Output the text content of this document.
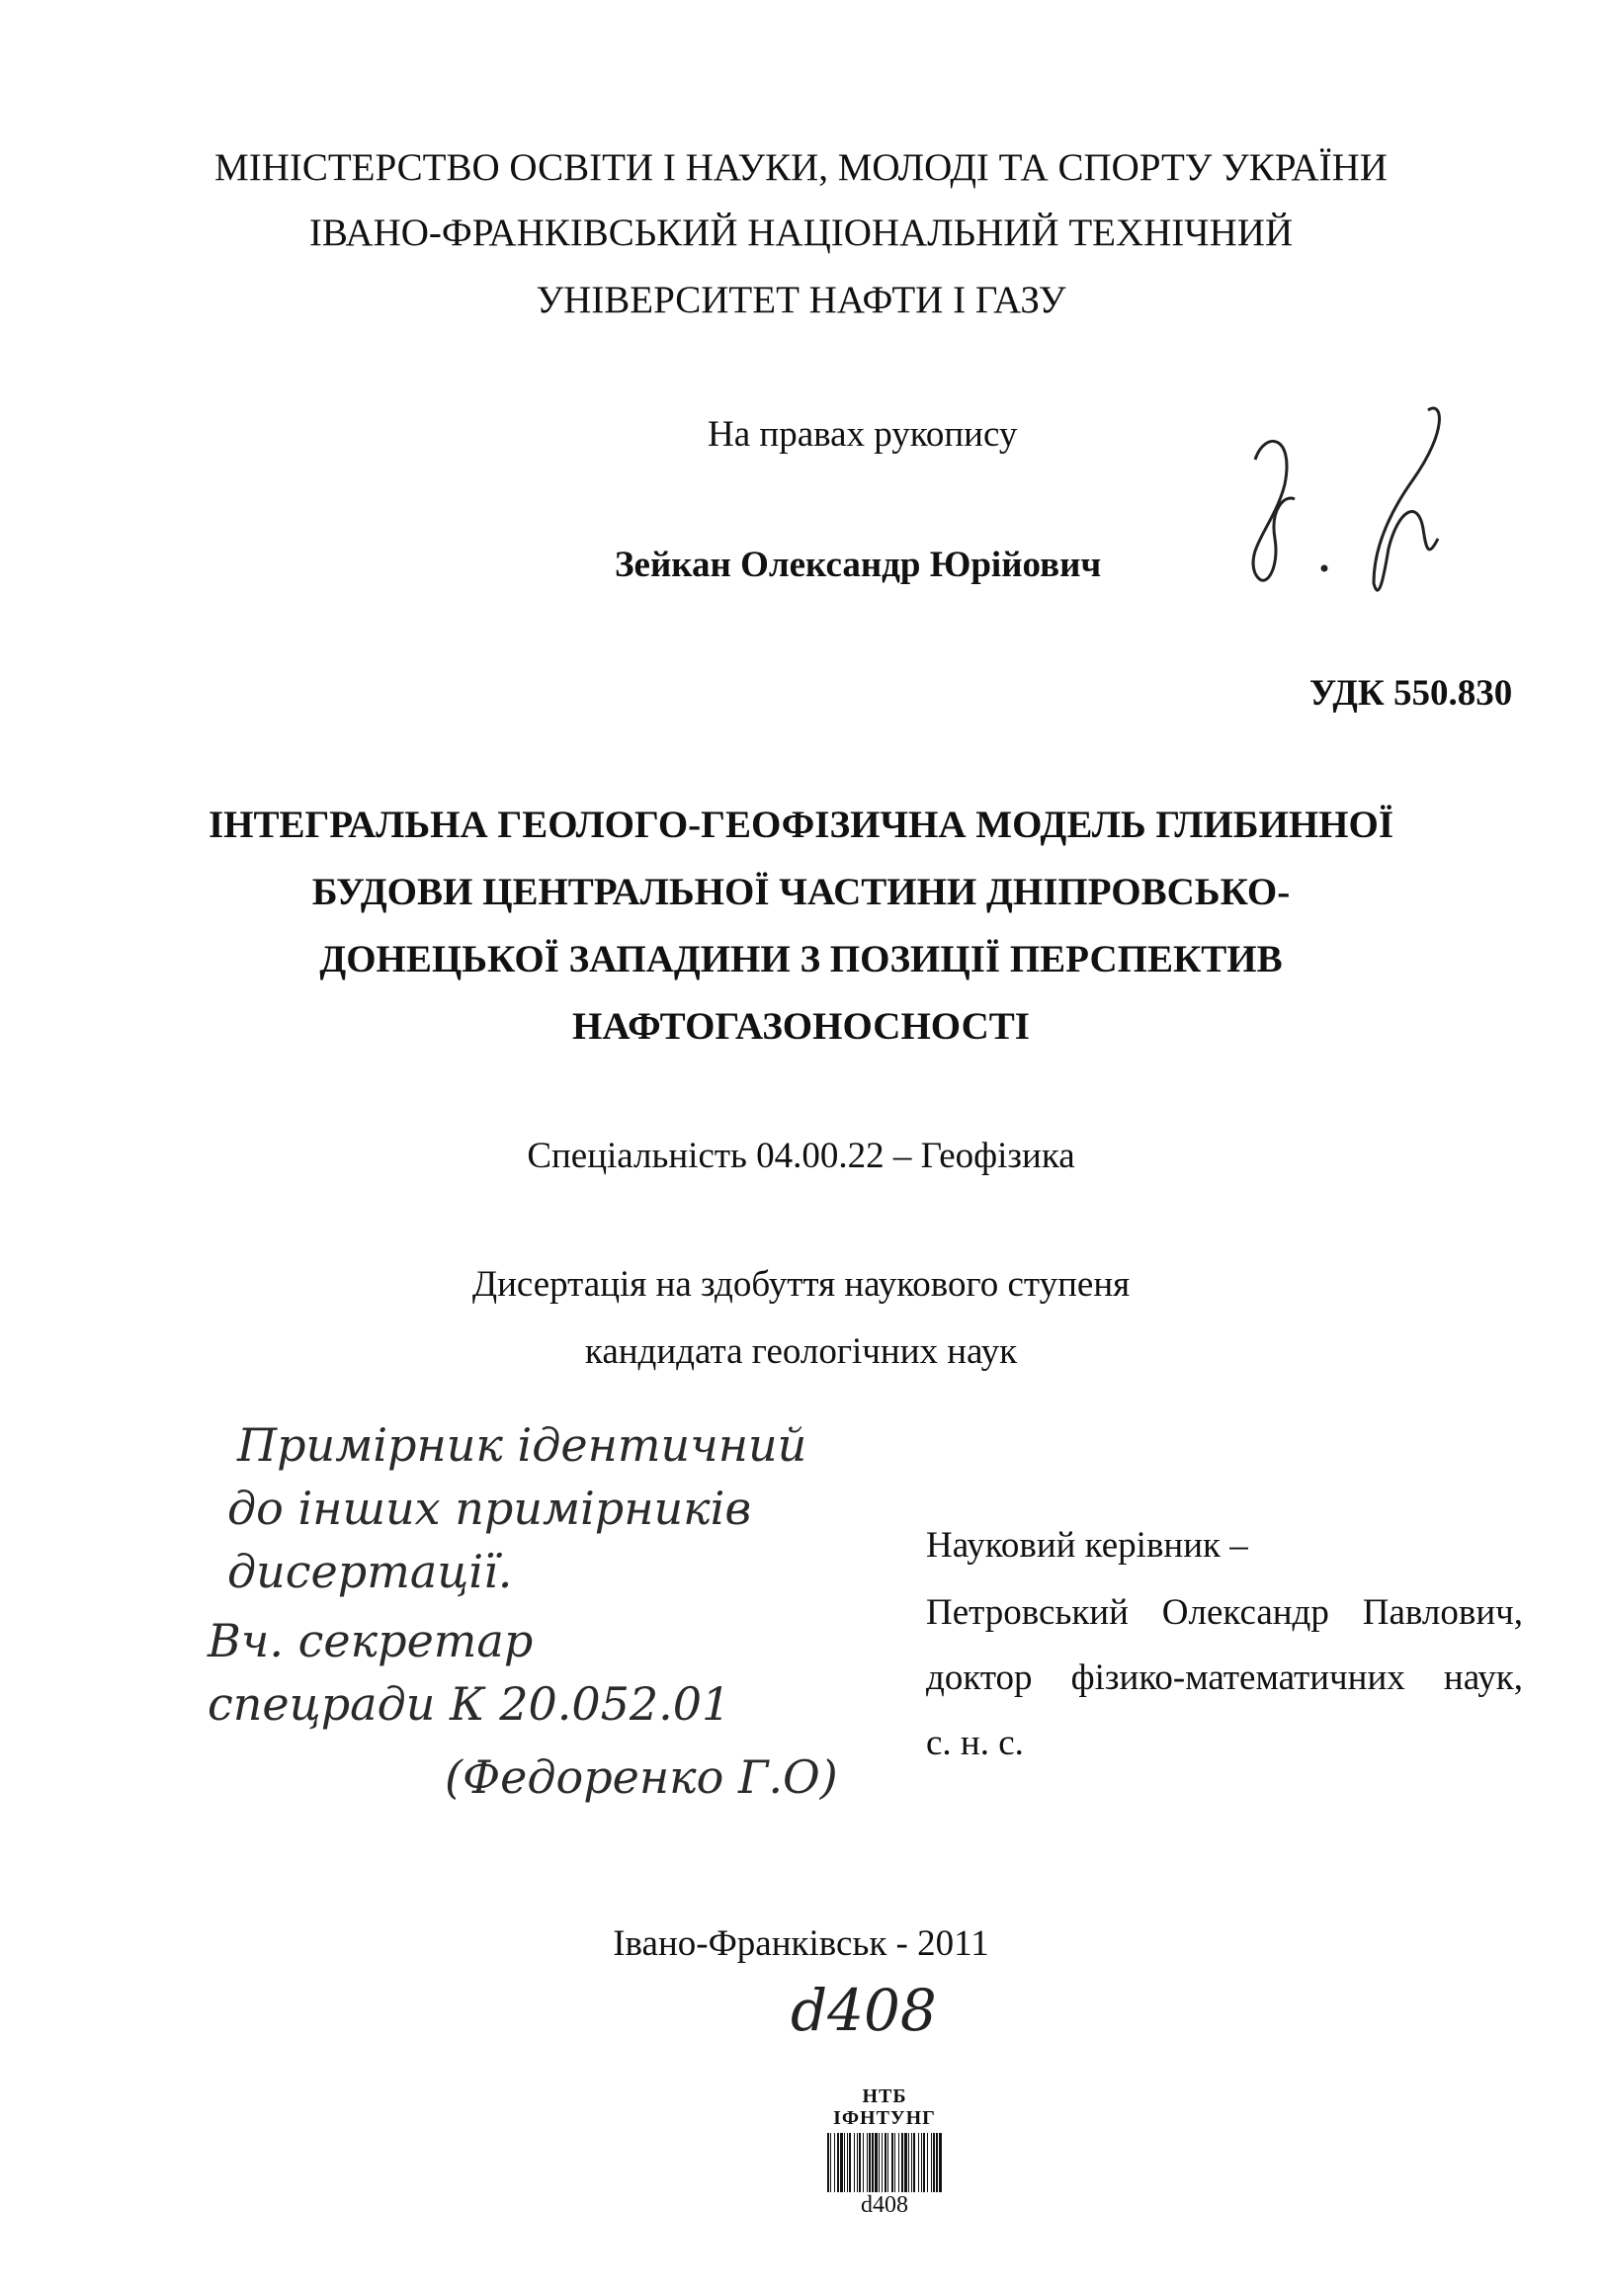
МІНІСТЕРСТВО ОСВІТИ І НАУКИ, МОЛОДІ ТА СПОРТУ УКРАЇНИ
ІВАНО-ФРАНКІВСЬКИЙ НАЦІОНАЛЬНИЙ ТЕХНІЧНИЙ
УНІВЕРСИТЕТ НАФТИ І ГАЗУ
На правах рукопису
Зейкан Олександр Юрійович
УДК 550.830
ІНТЕГРАЛЬНА ГЕОЛОГО-ГЕОФІЗИЧНА МОДЕЛЬ ГЛИБИННОЇ
БУДОВИ ЦЕНТРАЛЬНОЇ ЧАСТИНИ ДНІПРОВСЬКО-
ДОНЕЦЬКОЇ ЗАПАДИНИ З ПОЗИЦІЇ ПЕРСПЕКТИВ
НАФТОГАЗОНОСНОСТІ
Спеціальність 04.00.22 – Геофізика
Дисертація на здобуття наукового ступеня
кандидата геологічних наук
Примірник ідентичний
до інших примірників
дисертації.
Вч. секретар
спецради К 20.052.01
(Федоренко Г.О)
Науковий керівник –
Петровський Олександр Павлович,
доктор фізико-математичних наук,
с. н. с.
Івано-Франківськ - 2011
d408
НТБ
ІФНТУНГ
d408
